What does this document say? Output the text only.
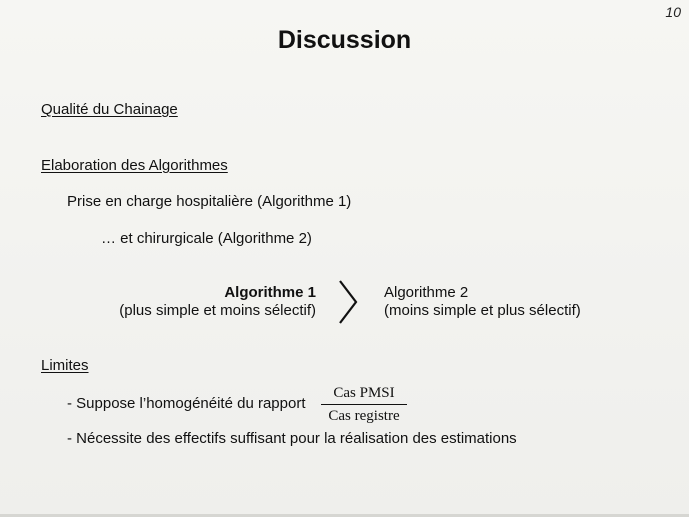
10
Discussion
Qualité du Chainage
Elaboration des Algorithmes
Prise en charge hospitalière (Algorithme 1)
… et chirurgicale (Algorithme 2)
Algorithme 1
(plus simple et moins sélectif)
Algorithme 2
(moins simple et plus sélectif)
Limites
- Suppose l’homogénéité du rapport
Cas PMSI
Cas registre
- Nécessite des effectifs suffisant pour la réalisation des estimations
